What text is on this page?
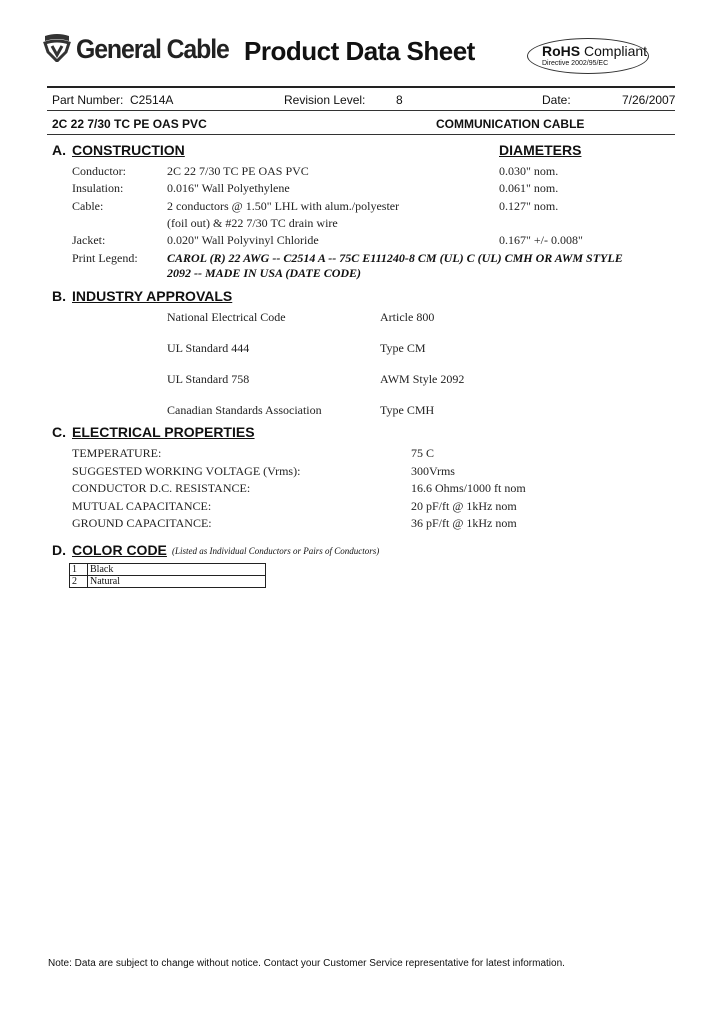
General Cable Product Data Sheet	RoHS Compliant
Directive 2002/95/EC
Part Number: C2514A	Revision Level:	8	Date:	7/26/2007
2C 22 7/30 TC PE OAS PVC	COMMUNICATION CABLE
A. CONSTRUCTION	DIAMETERS
Conductor:	2C 22 7/30 TC PE OAS PVC	0.030" nom.
Insulation:	0.016" Wall Polyethylene	0.061" nom.
Cable:	2 conductors @ 1.50" LHL with alum./polyester	0.127" nom.
(foil out) & #22 7/30 TC drain wire
Jacket:	0.020" Wall Polyvinyl Chloride	0.167" +/- 0.008"
Print Legend: CAROL (R) 22 AWG -- C2514 A -- 75C E111240-8 CM (UL) C (UL) CMH OR AWM STYLE
2092 -- MADE IN USA (DATE CODE)
B. INDUSTRY APPROVALS
National Electrical Code	Article 800
UL Standard 444	Type CM
UL Standard 758	AWM Style 2092
Canadian Standards Association	Type CMH
C. ELECTRICAL PROPERTIES
TEMPERATURE:	75 C
SUGGESTED WORKING VOLTAGE (Vrms):	300Vrms
CONDUCTOR D.C. RESISTANCE:	16.6 Ohms/1000 ft nom
MUTUAL CAPACITANCE:	20 pF/ft @ 1kHz nom
GROUND CAPACITANCE:	36 pF/ft @ 1kHz nom
D. COLOR CODE (Listed as Individual Conductors or Pairs of Conductors)
1	Black
2	Natural
Note: Data are subject to change without notice. Contact your Customer Service representative for latest information.
